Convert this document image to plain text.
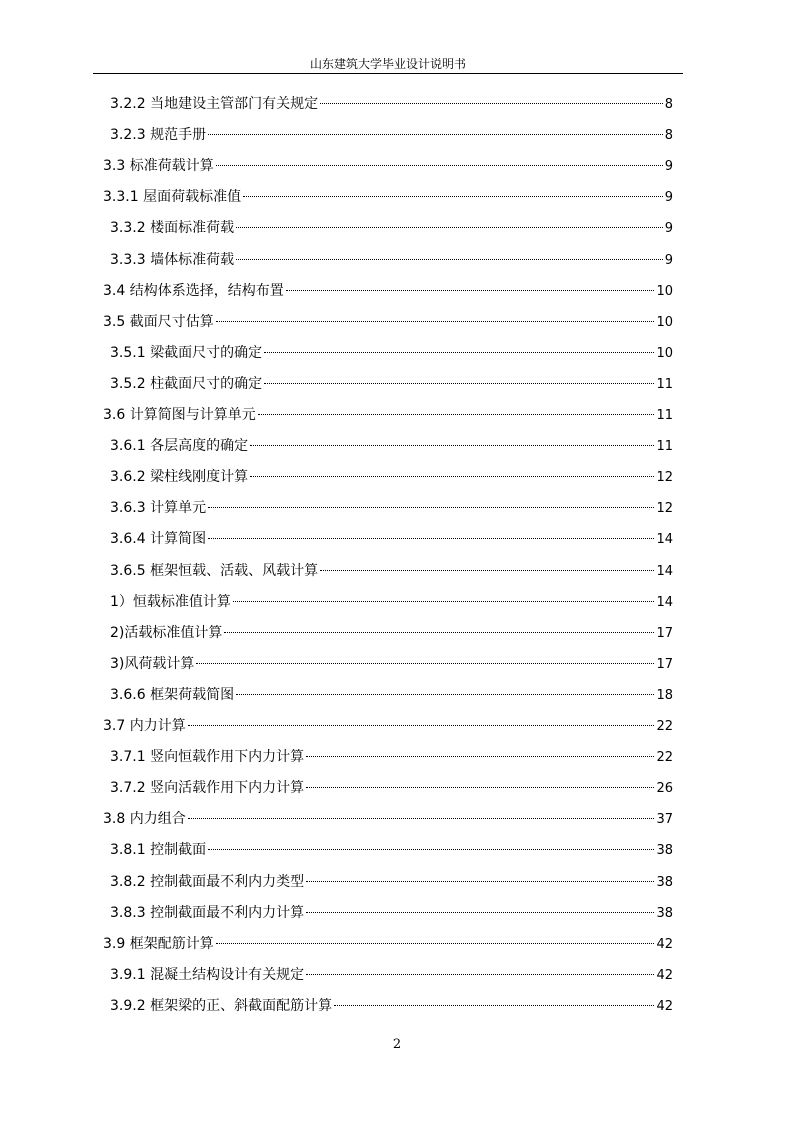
山东建筑大学毕业设计说明书
3.2.2 当地建设主管部门有关规定	8
3.2.3 规范手册	8
3.3 标准荷载计算	9
3.3.1 屋面荷载标准值	9
3.3.2 楼面标准荷载	9
3.3.3 墙体标准荷载	9
3.4 结构体系选择，结构布置	10
3.5 截面尺寸估算	10
3.5.1 梁截面尺寸的确定	10
3.5.2 柱截面尺寸的确定	11
3.6 计算简图与计算单元	11
3.6.1 各层高度的确定	11
3.6.2 梁柱线刚度计算	12
3.6.3 计算单元	12
3.6.4 计算简图	14
3.6.5 框架恒载、活载、风载计算	14
1）恒载标准值计算	14
2)活载标准值计算	17
3)风荷载计算	17
3.6.6 框架荷载简图	18
3.7 内力计算	22
3.7.1 竖向恒载作用下内力计算	22
3.7.2 竖向活载作用下内力计算	26
3.8 内力组合	37
3.8.1 控制截面	38
3.8.2 控制截面最不利内力类型	38
3.8.3 控制截面最不利内力计算	38
3.9 框架配筋计算	42
3.9.1 混凝土结构设计有关规定	42
3.9.2 框架梁的正、斜截面配筋计算	42
2
